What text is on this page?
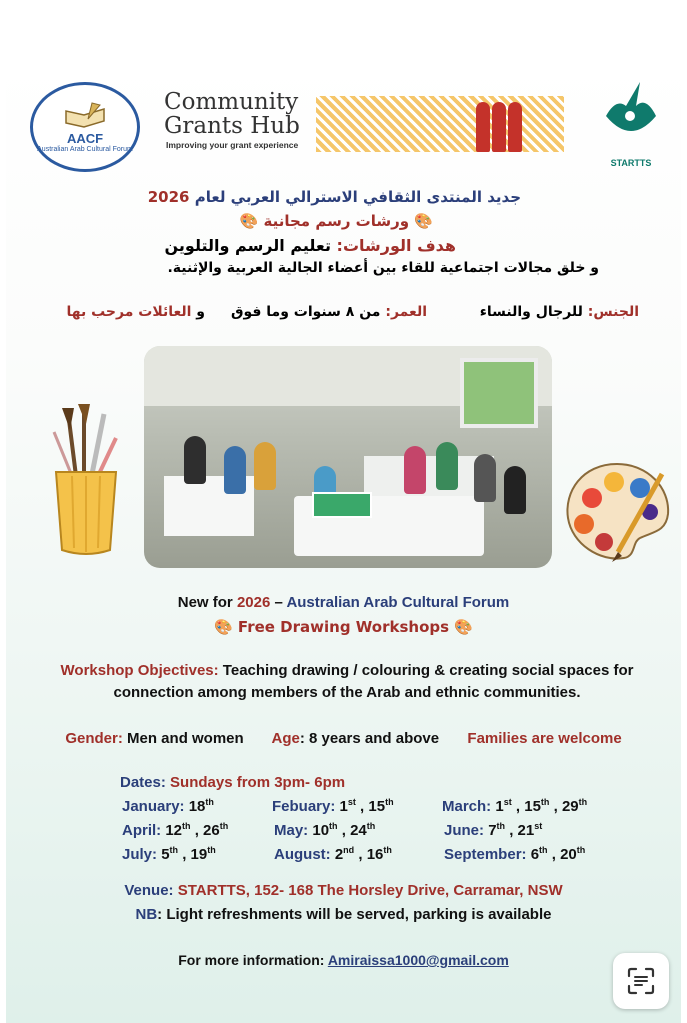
AACF
Australian Arab Cultural Forum
Community
Grants Hub
Improving your grant experience
STARTTS
جديد المنتدى الثقافي الاسترالي العربي لعام 2026
🎨 ورشات رسم مجانية 🎨
هدف الورشات: تعليم الرسم والتلوين
و خلق مجالات اجتماعية للقاء بين أعضاء الجالية العربية والإثنية.
الجنس: للرجال والنساء
العمر: من ٨ سنوات وما فوق
و العائلات مرحب بها
New for 2026 – Australian Arab Cultural Forum
🎨 Free Drawing Workshops 🎨
Workshop Objectives: Teaching drawing / colouring & creating social spaces for connection among members of the Arab and ethnic communities.
Gender: Men and women Age: 8 years and above Families are welcome
Dates: Sundays from 3pm- 6pm
January: 18th	Febuary: 1st , 15th	March: 1st , 15th , 29th
April: 12th , 26th	May: 10th , 24th	June: 7th , 21st
July: 5th , 19th	August: 2nd , 16th	September: 6th , 20th
Venue: STARTTS, 152- 168 The Horsley Drive, Carramar, NSW
NB: Light refreshments will be served, parking is available
For more information: Amiraissa1000@gmail.com
